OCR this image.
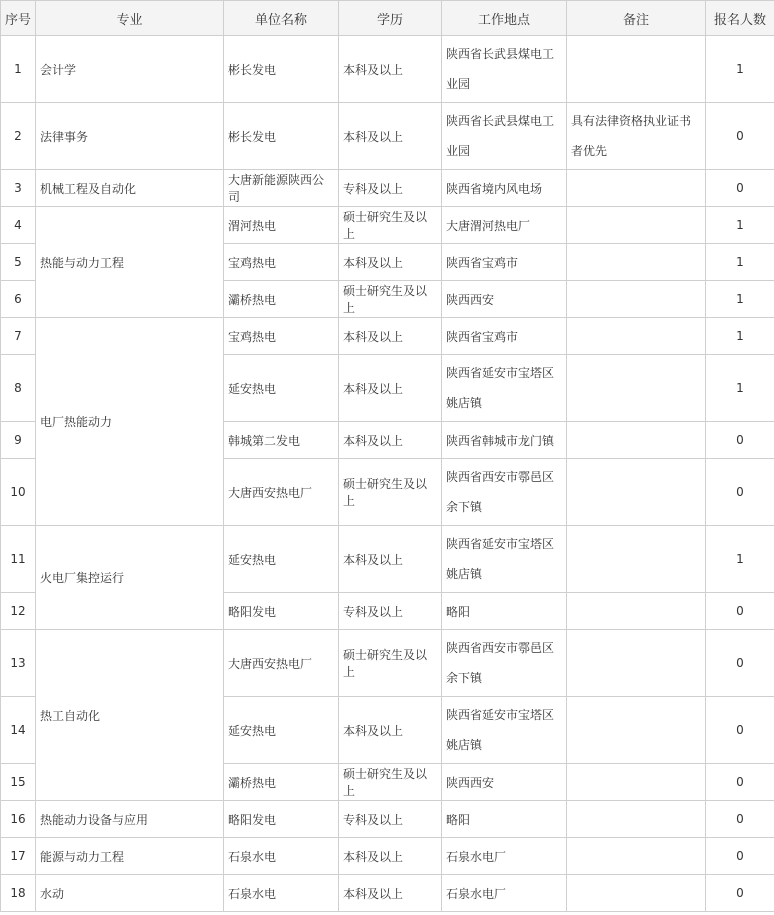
序号	专业	单位名称	学历	工作地点	备注	报名人数
1	会计学	彬长发电	本科及以上	陕西省长武县煤电工业园		1
2	法律事务	彬长发电	本科及以上	陕西省长武县煤电工业园	具有法律资格执业证书者优先	0
3	机械工程及自动化	大唐新能源陕西公司	专科及以上	陕西省境内风电场		0
4	热能与动力工程	渭河热电	硕士研究生及以上	大唐渭河热电厂		1
5		宝鸡热电	本科及以上	陕西省宝鸡市		1
6		灞桥热电	硕士研究生及以上	陕西西安		1
7	电厂热能动力	宝鸡热电	本科及以上	陕西省宝鸡市		1
8		延安热电	本科及以上	陕西省延安市宝塔区姚店镇		1
9		韩城第二发电	本科及以上	陕西省韩城市龙门镇		0
10		大唐西安热电厂	硕士研究生及以上	陕西省西安市鄠邑区余下镇		0
11	火电厂集控运行	延安热电	本科及以上	陕西省延安市宝塔区姚店镇		1
12		略阳发电	专科及以上	略阳		0
13	热工自动化	大唐西安热电厂	硕士研究生及以上	陕西省西安市鄠邑区余下镇		0
14		延安热电	本科及以上	陕西省延安市宝塔区姚店镇		0
15		灞桥热电	硕士研究生及以上	陕西西安		0
16	热能动力设备与应用	略阳发电	专科及以上	略阳		0
17	能源与动力工程	石泉水电	本科及以上	石泉水电厂		0
18	水动	石泉水电	本科及以上	石泉水电厂		0
